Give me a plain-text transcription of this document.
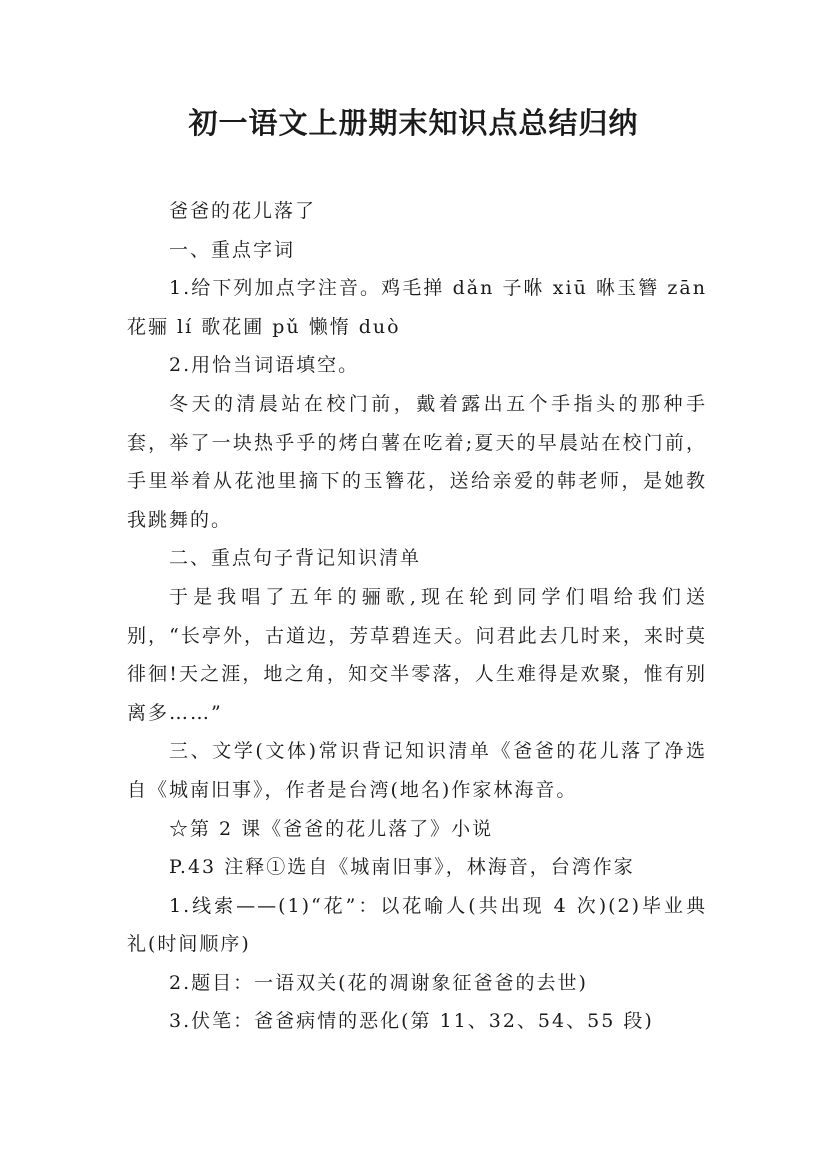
初一语文上册期末知识点总结归纳

爸爸的花儿落了

一、重点字词

1.给下列加点字注音。鸡毛掸 dǎn 子咻 xiū 咻玉簪 zān 花骊 lí 歌花圃 pǔ 懒惰 duò

2.用恰当词语填空。

冬天的清晨站在校门前，戴着露出五个手指头的那种手套，举了一块热乎乎的烤白薯在吃着;夏天的早晨站在校门前，手里举着从花池里摘下的玉簪花，送给亲爱的韩老师，是她教我跳舞的。

二、重点句子背记知识清单

于是我唱了五年的骊歌,现在轮到同学们唱给我们送别，“长亭外，古道边，芳草碧连天。问君此去几时来，来时莫徘徊!天之涯，地之角，知交半零落，人生难得是欢聚，惟有别离多……”

三、文学(文体)常识背记知识清单《爸爸的花儿落了净选自《城南旧事》，作者是台湾(地名)作家林海音。

☆第 2 课《爸爸的花儿落了》小说

P.43 注释①选自《城南旧事》，林海音，台湾作家

1.线索——(1)“花”：以花喻人(共出现 4 次)(2)毕业典礼(时间顺序)

2.题目：一语双关(花的凋谢象征爸爸的去世)

3.伏笔：爸爸病情的恶化(第 11、32、54、55 段)
